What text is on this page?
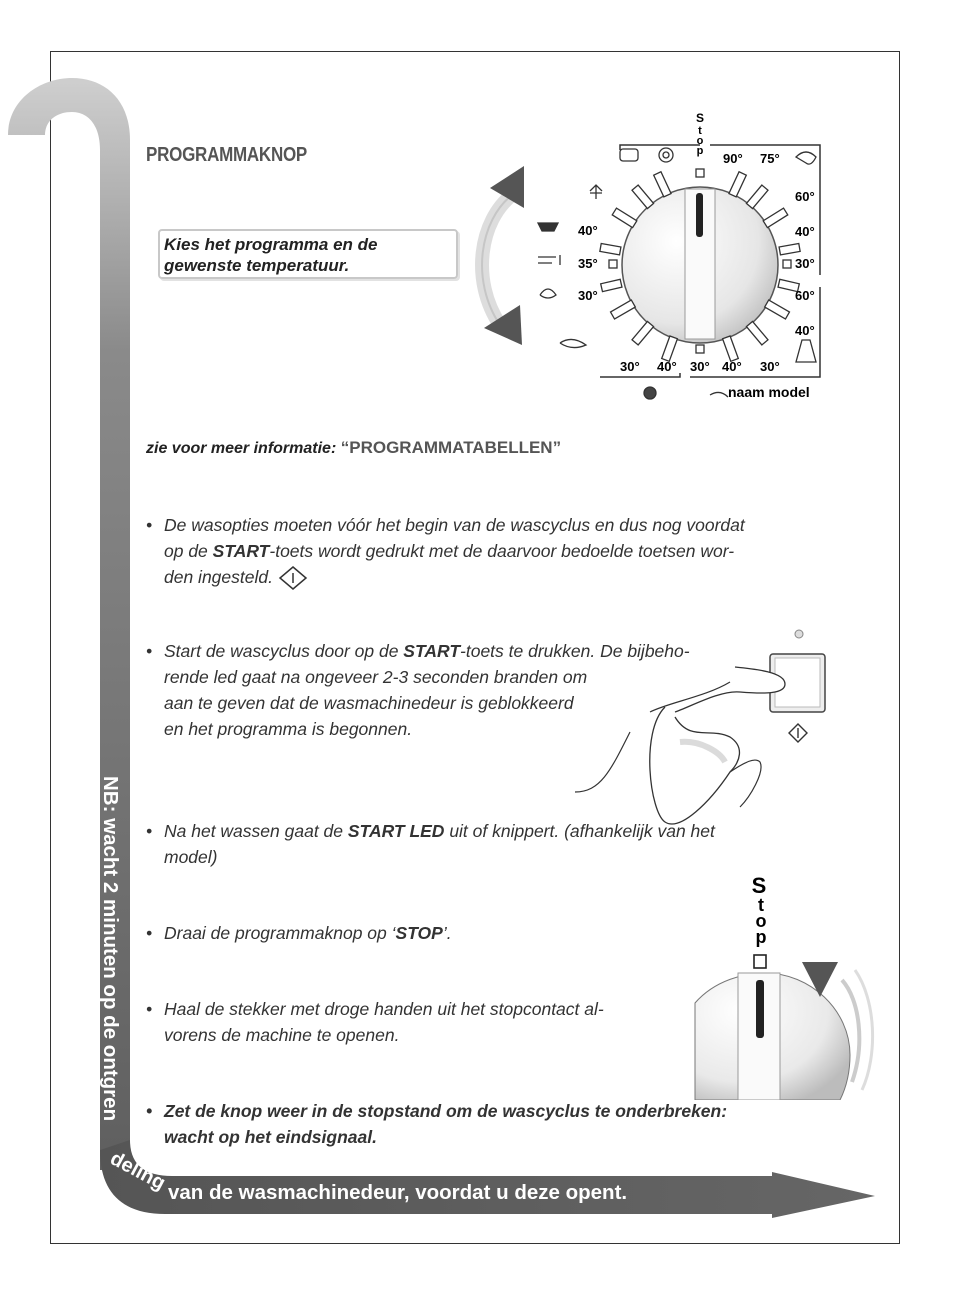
NB: wacht 2 minuten op de ontgren
deling van de wasmachinedeur, voordat u deze opent.
PROGRAMMAKNOP
Kies het programma en de
gewenste temperatuur.
S
t
o
p 90° 75°
40°
35°
30°
60°
40°
30°
60°
40°
30° 40° 30° 40° 30°
naam model
zie voor meer informatie: “PROGRAMMATABELLEN”
• De wasopties moeten vóór het begin van de wascyclus en dus nog voordat
op de START-toets wordt gedrukt met de daarvoor bedoelde toetsen wor-
den ingesteld.
• Start de wascyclus door op de START-toets te drukken. De bijbeho-
rende led gaat na ongeveer 2-3 seconden branden om
aan te geven dat de wasmachinedeur is geblokkeerd
en het programma is begonnen.
• Na het wassen gaat de START LED uit of knippert. (afhankelijk van het
model)
• Draai de programmaknop op ‘STOP’.
• Haal de stekker met droge handen uit het stopcontact al-
vorens de machine te openen.
S
t
o
p
• Zet de knop weer in de stopstand om de wascyclus te onderbreken:
wacht op het eindsignaal.
